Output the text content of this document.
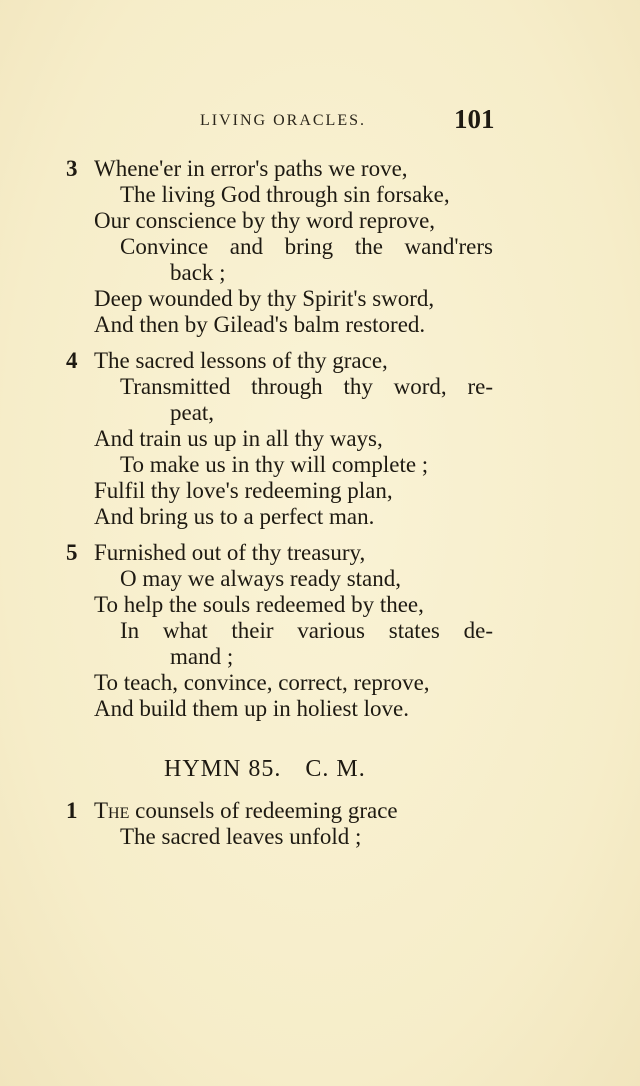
LIVING ORACLES.	101
3 Whene'er in error's paths we rove,
The living God through sin forsake,
Our conscience by thy word reprove,
Convince and bring the wand'rers
back ;
Deep wounded by thy Spirit's sword,
And then by Gilead's balm restored.
4 The sacred lessons of thy grace,
Transmitted through thy word, re-
peat,
And train us up in all thy ways,
To make us in thy will complete ;
Fulfil thy love's redeeming plan,
And bring us to a perfect man.
5 Furnished out of thy treasury,
O may we always ready stand,
To help the souls redeemed by thee,
In what their various states de-
mand ;
To teach, convince, correct, reprove,
And build them up in holiest love.
HYMN 85. C. M.
1 The counsels of redeeming grace
The sacred leaves unfold ;
